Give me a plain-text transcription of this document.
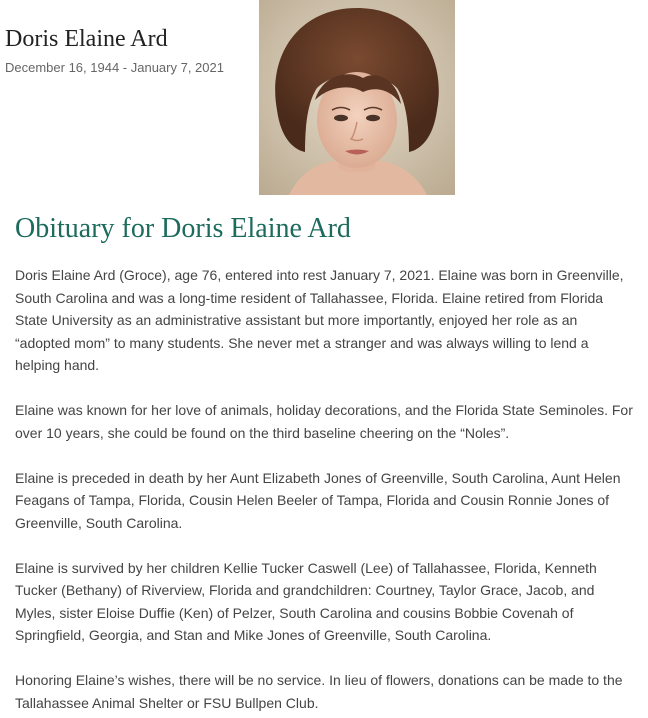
Doris Elaine Ard
December 16, 1944 - January 7, 2021
Obituary for Doris Elaine Ard

Doris Elaine Ard (Groce), age 76, entered into rest January 7, 2021. Elaine was born in Greenville, South Carolina and was a long-time resident of Tallahassee, Florida. Elaine retired from Florida State University as an administrative assistant but more importantly, enjoyed her role as an “adopted mom” to many students. She never met a stranger and was always willing to lend a helping hand.

Elaine was known for her love of animals, holiday decorations, and the Florida State Seminoles. For over 10 years, she could be found on the third baseline cheering on the “Noles”.

Elaine is preceded in death by her Aunt Elizabeth Jones of Greenville, South Carolina, Aunt Helen Feagans of Tampa, Florida, Cousin Helen Beeler of Tampa, Florida and Cousin Ronnie Jones of Greenville, South Carolina.

Elaine is survived by her children Kellie Tucker Caswell (Lee) of Tallahassee, Florida, Kenneth Tucker (Bethany) of Riverview, Florida and grandchildren: Courtney, Taylor Grace, Jacob, and Myles, sister Eloise Duffie (Ken) of Pelzer, South Carolina and cousins Bobbie Covenah of Springfield, Georgia, and Stan and Mike Jones of Greenville, South Carolina.

Honoring Elaine’s wishes, there will be no service. In lieu of flowers, donations can be made to the Tallahassee Animal Shelter or FSU Bullpen Club.
